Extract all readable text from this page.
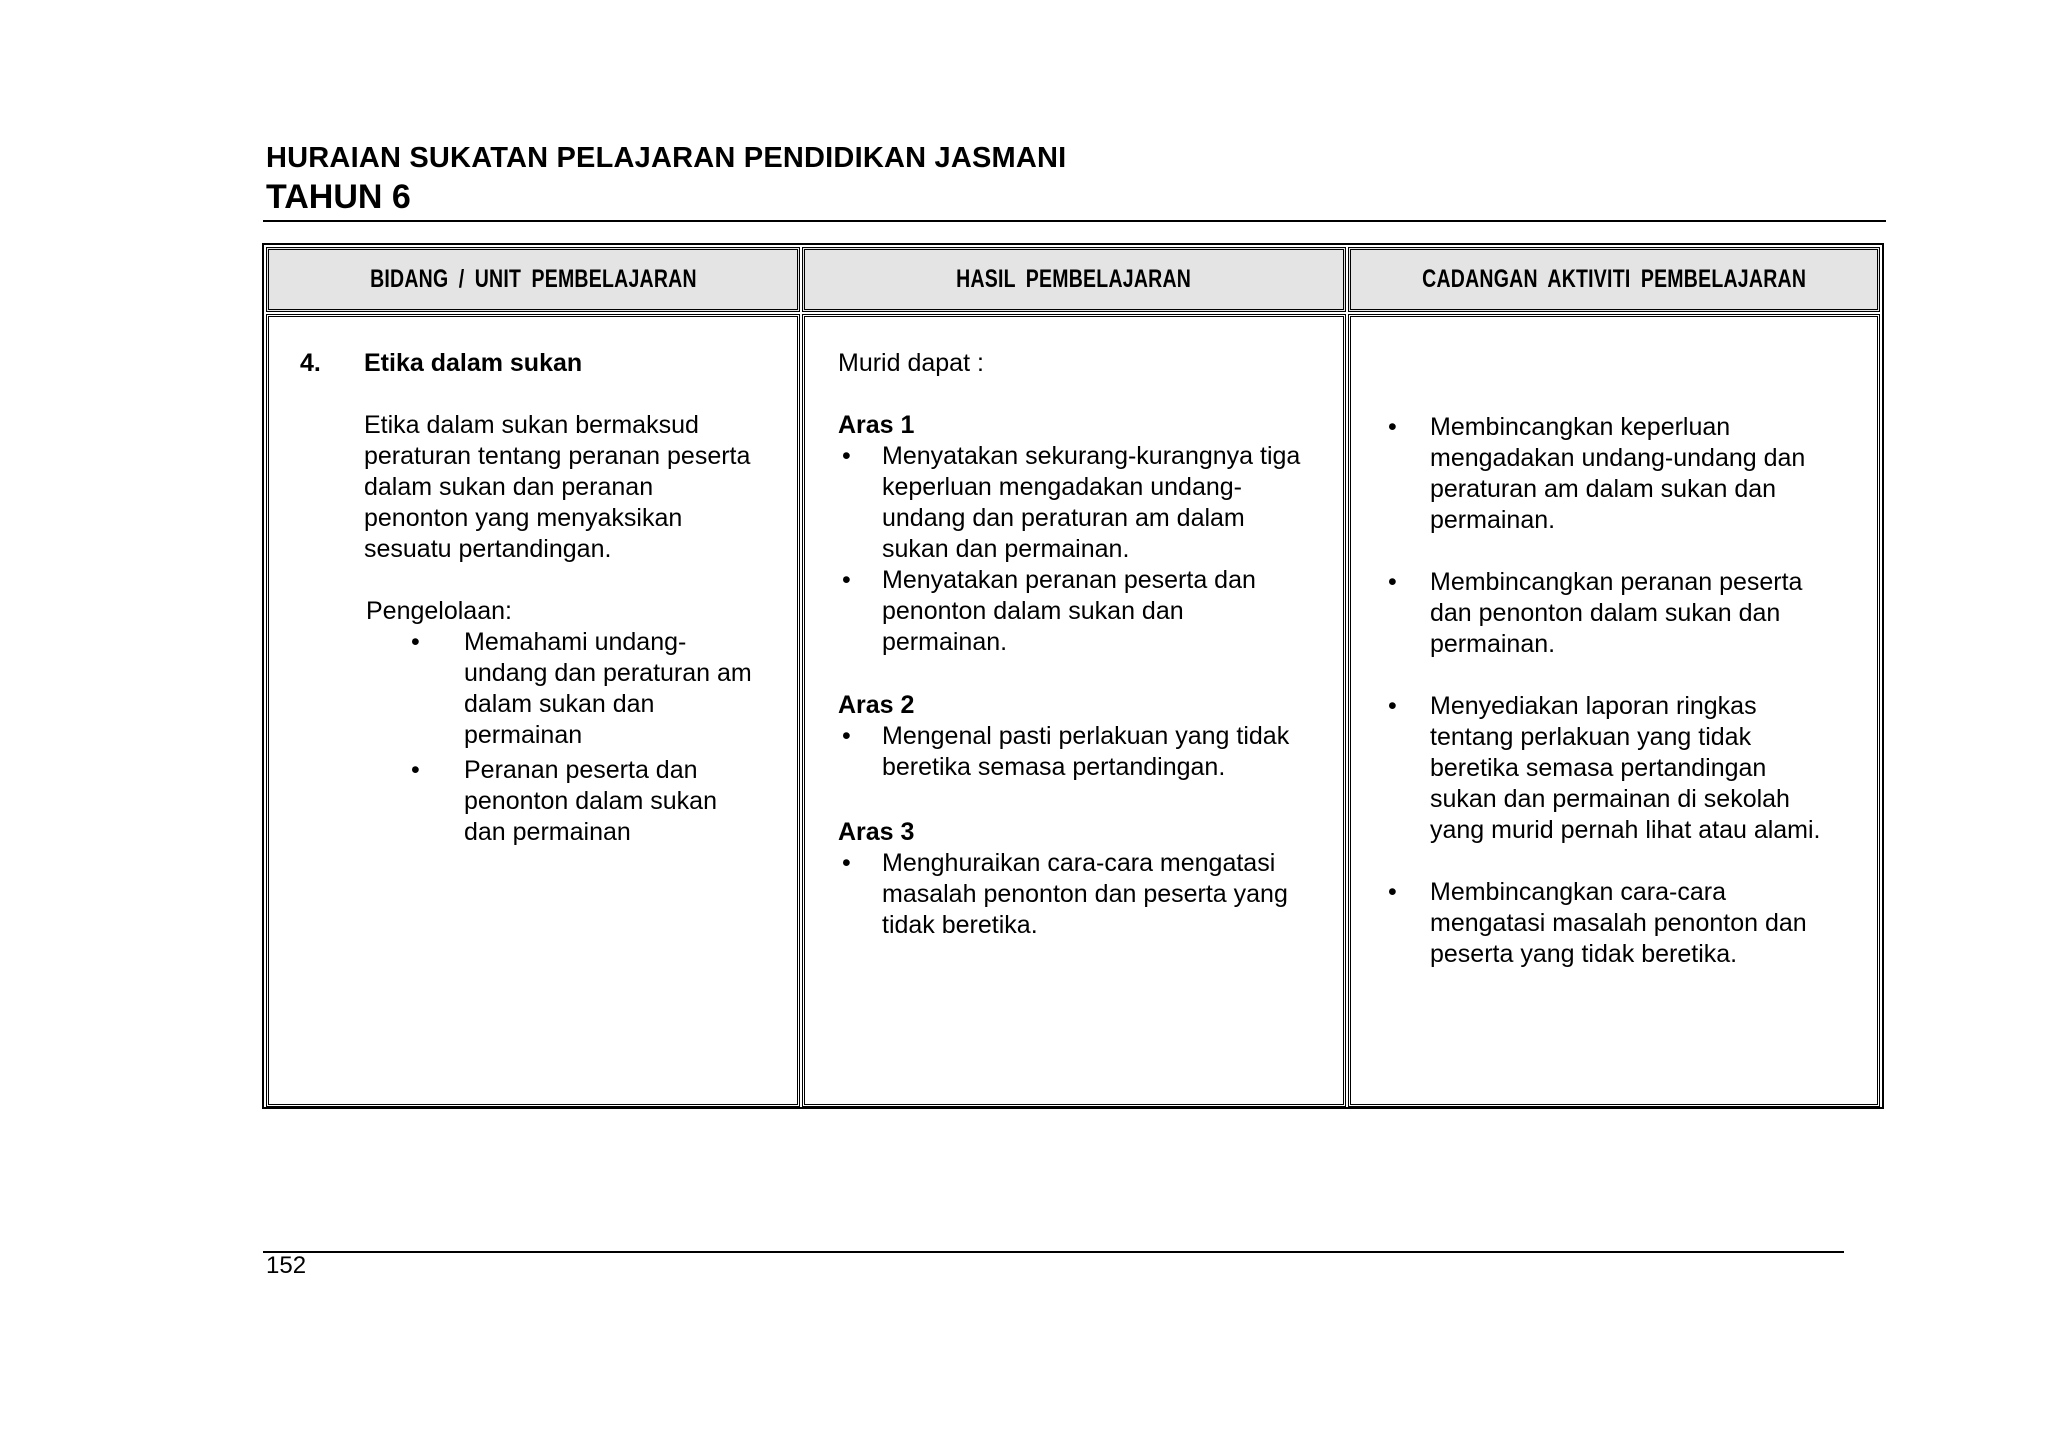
HURAIAN SUKATAN PELAJARAN PENDIDIKAN JASMANI
TAHUN 6
BIDANG / UNIT PEMBELAJARAN	HASIL PEMBELAJARAN	CADANGAN AKTIVITI PEMBELAJARAN
4. Etika dalam sukan
Etika dalam sukan bermaksud
peraturan tentang peranan peserta
dalam sukan dan peranan
penonton yang menyaksikan
sesuatu pertandingan.
Pengelolaan:
• Memahami undang-
undang dan peraturan am
dalam sukan dan
permainan
• Peranan peserta dan
penonton dalam sukan
dan permainan
Murid dapat :
Aras 1
• Menyatakan sekurang-kurangnya tiga
keperluan mengadakan undang-
undang dan peraturan am dalam
sukan dan permainan.
• Menyatakan peranan peserta dan
penonton dalam sukan dan
permainan.
Aras 2
• Mengenal pasti perlakuan yang tidak
beretika semasa pertandingan.
Aras 3
• Menghuraikan cara-cara mengatasi
masalah penonton dan peserta yang
tidak beretika.
• Membincangkan keperluan
mengadakan undang-undang dan
peraturan am dalam sukan dan
permainan.
• Membincangkan peranan peserta
dan penonton dalam sukan dan
permainan.
• Menyediakan laporan ringkas
tentang perlakuan yang tidak
beretika semasa pertandingan
sukan dan permainan di sekolah
yang murid pernah lihat atau alami.
• Membincangkan cara-cara
mengatasi masalah penonton dan
peserta yang tidak beretika.
152
